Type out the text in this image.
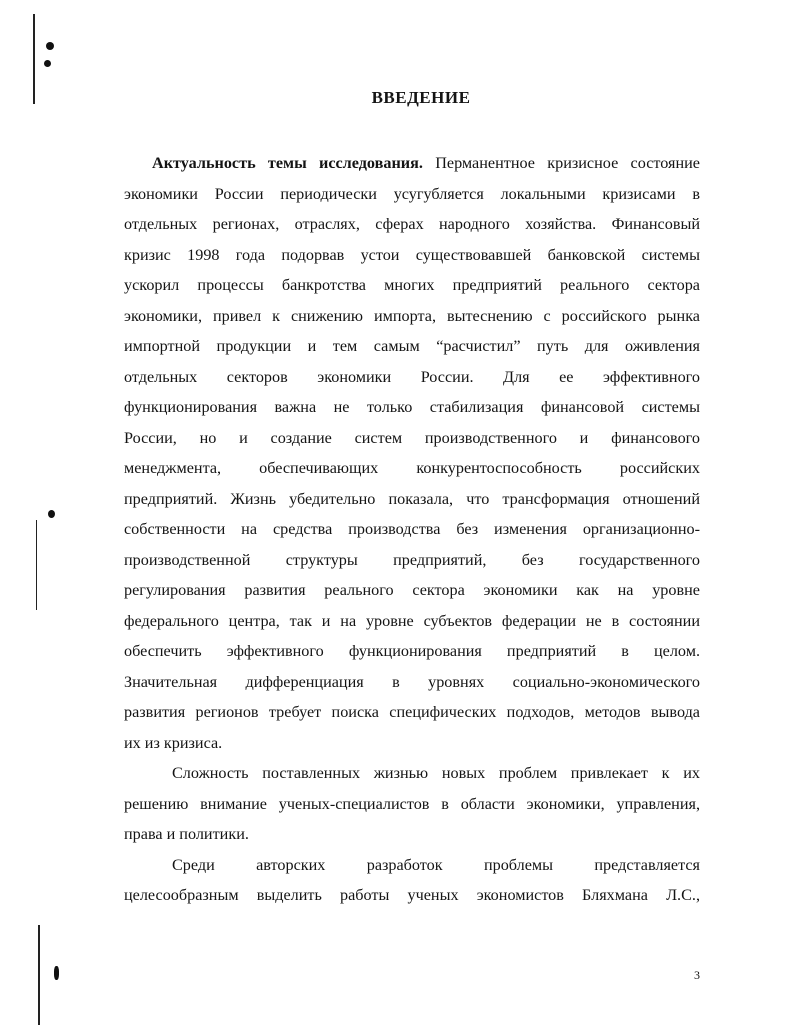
ВВЕДЕНИЕ

Актуальность темы исследования. Перманентное кризисное состояние

экономики России периодически усугубляется локальными кризисами в

отдельных регионах, отраслях, сферах народного хозяйства. Финансовый

кризис 1998 года подорвав устои существовавшей банковской системы

ускорил процессы банкротства многих предприятий реального сектора

экономики, привел к снижению импорта, вытеснению с российского рынка

импортной продукции и тем самым “расчистил” путь для оживления

отдельных секторов экономики России. Для ее эффективного

функционирования важна не только стабилизация финансовой системы

России, но и создание систем производственного и финансового

менеджмента, обеспечивающих конкурентоспособность российских

предприятий. Жизнь убедительно показала, что трансформация отношений

собственности на средства производства без изменения организационно-

производственной структуры предприятий, без государственного

регулирования развития реального сектора экономики как на уровне

федерального центра, так и на уровне субъектов федерации не в состоянии

обеспечить эффективного функционирования предприятий в целом.

Значительная дифференциация в уровнях социально-экономического

развития регионов требует поиска специфических подходов, методов вывода

их из кризиса.

Сложность поставленных жизнью новых проблем привлекает к их

решению внимание ученых-специалистов в области экономики, управления,

права и политики.

Среди авторских разработок проблемы представляется

целесообразным выделить работы ученых экономистов Бляхмана Л.С.,

3
